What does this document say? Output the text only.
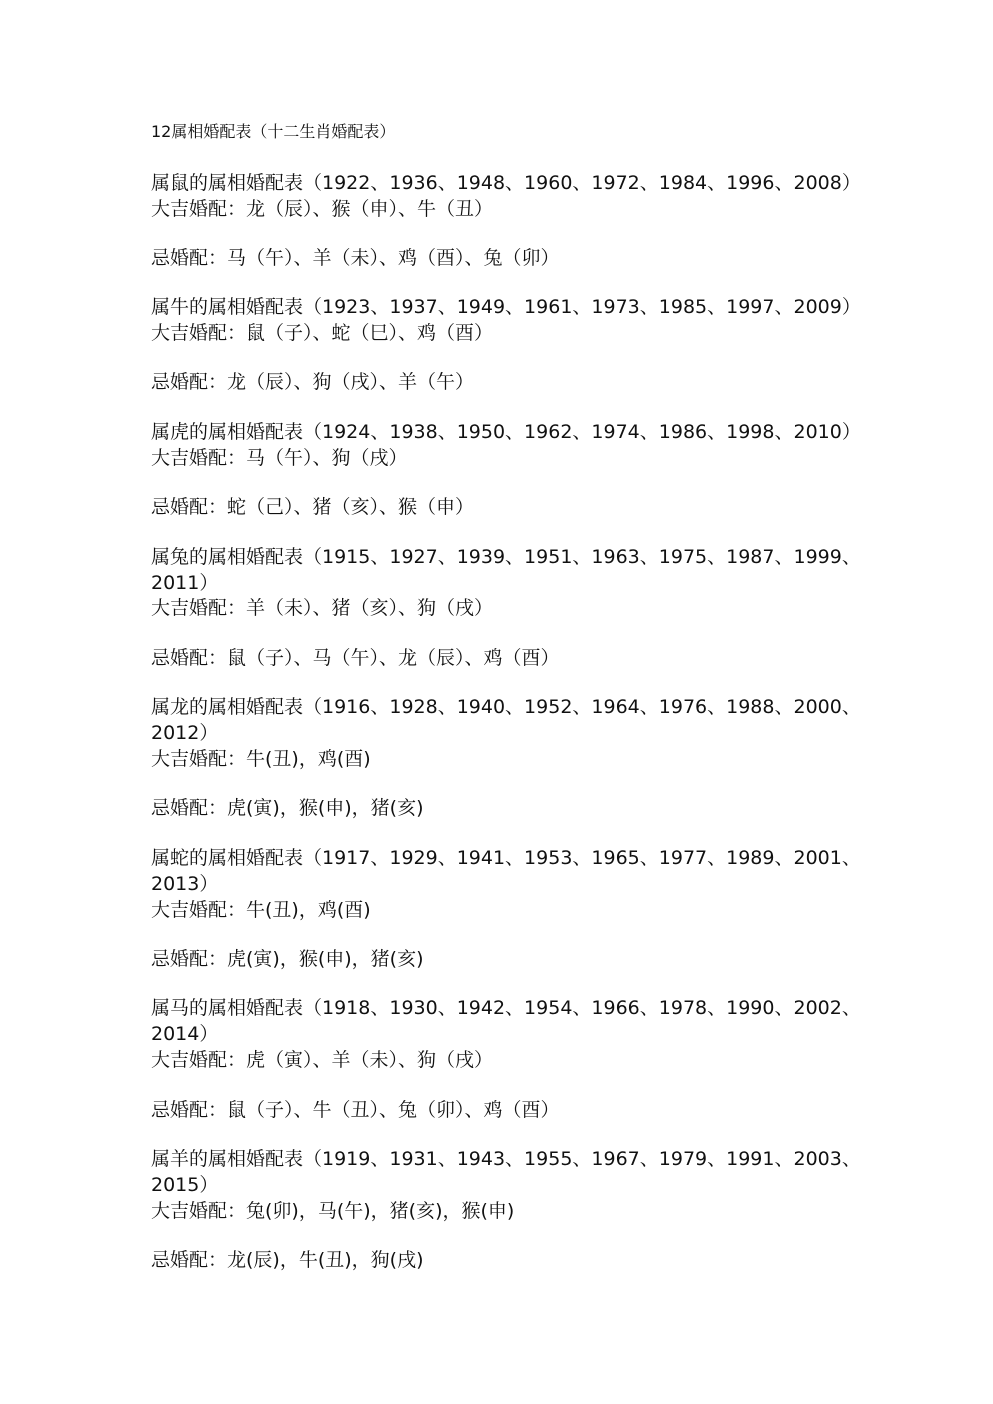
12属相婚配表（十二生肖婚配表）
属鼠的属相婚配表（1922、1936、1948、1960、1972、1984、1996、2008）
大吉婚配：龙（辰）、猴（申）、牛（丑）
忌婚配：马（午）、羊（未）、鸡（酉）、兔（卯）
属牛的属相婚配表（1923、1937、1949、1961、1973、1985、1997、2009）
大吉婚配：鼠（子）、蛇（巳）、鸡（酉）
忌婚配：龙（辰）、狗（戌）、羊（午）
属虎的属相婚配表（1924、1938、1950、1962、1974、1986、1998、2010）
大吉婚配：马（午）、狗（戌）
忌婚配：蛇（己）、猪（亥）、猴（申）
属兔的属相婚配表（1915、1927、1939、1951、1963、1975、1987、1999、
2011）
大吉婚配：羊（未）、猪（亥）、狗（戌）
忌婚配：鼠（子）、马（午）、龙（辰）、鸡（酉）
属龙的属相婚配表（1916、1928、1940、1952、1964、1976、1988、2000、
2012）
大吉婚配：牛(丑)，鸡(酉)
忌婚配：虎(寅)，猴(申)，猪(亥)
属蛇的属相婚配表（1917、1929、1941、1953、1965、1977、1989、2001、
2013）
大吉婚配：牛(丑)，鸡(酉)
忌婚配：虎(寅)，猴(申)，猪(亥)
属马的属相婚配表（1918、1930、1942、1954、1966、1978、1990、2002、
2014）
大吉婚配：虎（寅）、羊（未）、狗（戌）
忌婚配：鼠（子）、牛（丑）、兔（卯）、鸡（酉）
属羊的属相婚配表（1919、1931、1943、1955、1967、1979、1991、2003、
2015）
大吉婚配：兔(卯)，马(午)，猪(亥)，猴(申)
忌婚配：龙(辰)，牛(丑)，狗(戌)
